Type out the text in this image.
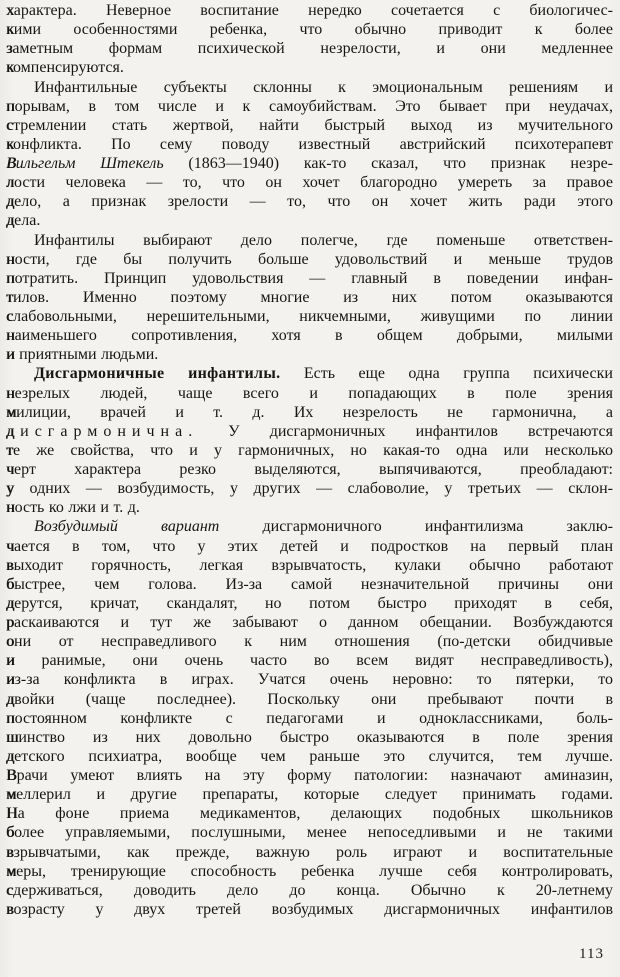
характера. Неверное воспитание нередко сочетается с биологичес-
кими особенностями ребенка, что обычно приводит к более
заметным формам психической незрелости, и они медленнее
компенсируются.
Инфантильные субъекты склонны к эмоциональным решениям и
порывам, в том числе и к самоубийствам. Это бывает при неудачах,
стремлении стать жертвой, найти быстрый выход из мучительного
конфликта. По сему поводу известный австрийский психотерапевт
Вильгельм Штекель (1863—1940) как-то сказал, что признак незре-
лости человека — то, что он хочет благородно умереть за правое
дело, а признак зрелости — то, что он хочет жить ради этого
дела.
Инфантилы выбирают дело полегче, где поменьше ответствен-
ности, где бы получить больше удовольствий и меньше трудов
потратить. Принцип удовольствия — главный в поведении инфан-
тилов. Именно поэтому многие из них потом оказываются
слабовольными, нерешительными, никчемными, живущими по линии
наименьшего сопротивления, хотя в общем добрыми, милыми
и приятными людьми.
Дисгармоничные инфантилы. Есть еще одна группа психически
незрелых людей, чаще всего и попадающих в поле зрения
милиции, врачей и т. д. Их незрелость не гармонична, а
дисгармонична. У дисгармоничных инфантилов встречаются
те же свойства, что и у гармоничных, но какая-то одна или несколько
черт характера резко выделяются, выпячиваются, преобладают:
у одних — возбудимость, у других — слабоволие, у третьих — склон-
ность ко лжи и т. д.
Возбудимый вариант дисгармоничного инфантилизма заклю-
чается в том, что у этих детей и подростков на первый план
выходит горячность, легкая взрывчатость, кулаки обычно работают
быстрее, чем голова. Из-за самой незначительной причины они
дерутся, кричат, скандалят, но потом быстро приходят в себя,
раскаиваются и тут же забывают о данном обещании. Возбуждаются
они от несправедливого к ним отношения (по-детски обидчивые
и ранимые, они очень часто во всем видят несправедливость),
из-за конфликта в играх. Учатся очень неровно: то пятерки, то
двойки (чаще последнее). Поскольку они пребывают почти в
постоянном конфликте с педагогами и одноклассниками, боль-
шинство из них довольно быстро оказываются в поле зрения
детского психиатра, вообще чем раньше это случится, тем лучше.
Врачи умеют влиять на эту форму патологии: назначают аминазин,
меллерил и другие препараты, которые следует принимать годами.
На фоне приема медикаментов, делающих подобных школьников
более управляемыми, послушными, менее непоседливыми и не такими
взрывчатыми, как прежде, важную роль играют и воспитательные
меры, тренирующие способность ребенка лучше себя контролировать,
сдерживаться, доводить дело до конца. Обычно к 20-летнему
возрасту у двух третей возбудимых дисгармоничных инфантилов
113
